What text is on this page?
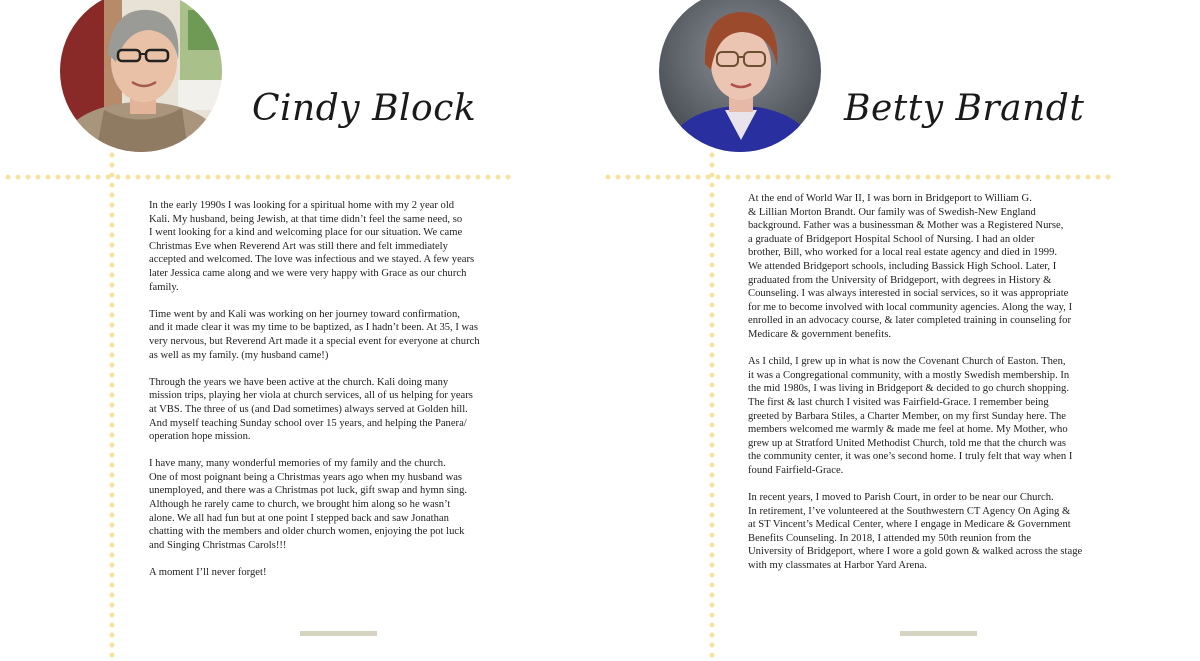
Cindy Block

In the early 1990s I was looking for a spiritual home with my 2 year old
Kali. My husband, being Jewish, at that time didn’t feel the same need, so
I went looking for a kind and welcoming place for our situation. We came
Christmas Eve when Reverend Art was still there and felt immediately
accepted and welcomed. The love was infectious and we stayed. A few years
later Jessica came along and we were very happy with Grace as our church
family.

Time went by and Kali was working on her journey toward confirmation,
and it made clear it was my time to be baptized, as I hadn’t been. At 35, I was
very nervous, but Reverend Art made it a special event for everyone at church
as well as my family. (my husband came!)

Through the years we have been active at the church. Kali doing many
mission trips, playing her viola at church services, all of us helping for years
at VBS. The three of us (and Dad sometimes) always served at Golden hill.
And myself teaching Sunday school over 15 years, and helping the Panera/
operation hope mission.

I have many, many wonderful memories of my family and the church.
One of most poignant being a Christmas years ago when my husband was
unemployed, and there was a Christmas pot luck, gift swap and hymn sing.
Although he rarely came to church, we brought him along so he wasn’t
alone. We all had fun but at one point I stepped back and saw Jonathan
chatting with the members and older church women, enjoying the pot luck
and Singing Christmas Carols!!!

A moment I’ll never forget!

Betty Brandt

At the end of World War II, I was born in Bridgeport to William G.
& Lillian Morton Brandt. Our family was of Swedish-New England
background. Father was a businessman & Mother was a Registered Nurse,
a graduate of Bridgeport Hospital School of Nursing. I had an older
brother, Bill, who worked for a local real estate agency and died in 1999.
We attended Bridgeport schools, including Bassick High School. Later, I
graduated from the University of Bridgeport, with degrees in History &
Counseling. I was always interested in social services, so it was appropriate
for me to become involved with local community agencies. Along the way, I
enrolled in an advocacy course, & later completed training in counseling for
Medicare & government benefits.

As I child, I grew up in what is now the Covenant Church of Easton. Then,
it was a Congregational community, with a mostly Swedish membership. In
the mid 1980s, I was living in Bridgeport & decided to go church shopping.
The first & last church I visited was Fairfield-Grace. I remember being
greeted by Barbara Stiles, a Charter Member, on my first Sunday here. The
members welcomed me warmly & made me feel at home. My Mother, who
grew up at Stratford United Methodist Church, told me that the church was
the community center, it was one’s second home. I truly felt that way when I
found Fairfield-Grace.

In recent years, I moved to Parish Court, in order to be near our Church.
In retirement, I’ve volunteered at the Southwestern CT Agency On Aging &
at ST Vincent’s Medical Center, where I engage in Medicare & Government
Benefits Counseling. In 2018, I attended my 50th reunion from the
University of Bridgeport, where I wore a gold gown & walked across the stage
with my classmates at Harbor Yard Arena.
